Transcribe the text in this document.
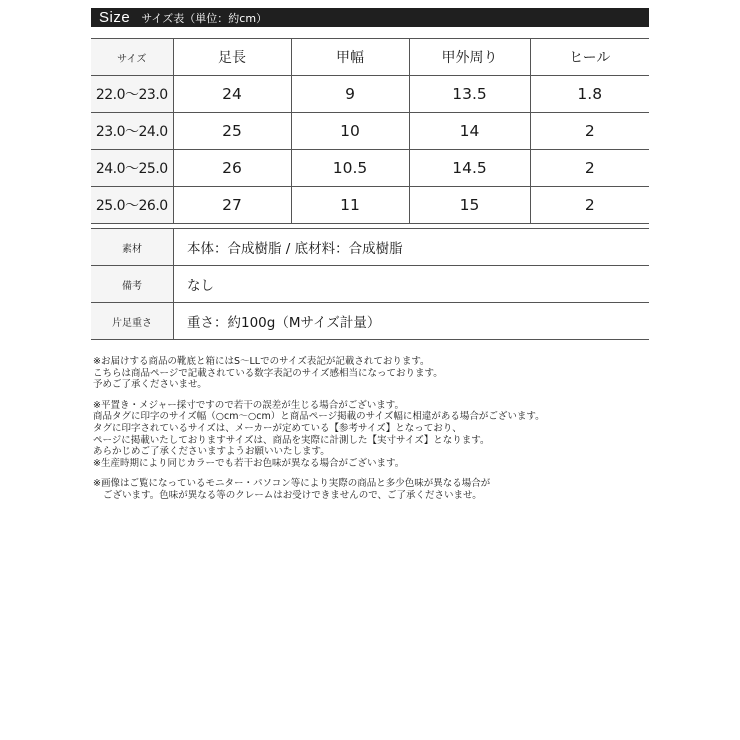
Size サイズ表（単位：約cm）
サイズ	足長	甲幅	甲外周り	ヒール
22.0〜23.0	24	9	13.5	1.8
23.0〜24.0	25	10	14	2
24.0〜25.0	26	10.5	14.5	2
25.0〜26.0	27	11	15	2
素材	本体：合成樹脂 / 底材料：合成樹脂
備考	なし
片足重さ	重さ：約100g（Mサイズ計量）
※お届けする商品の靴底と箱にはS〜LLでのサイズ表記が記載されております。
こちらは商品ページで記載されている数字表記のサイズ感相当になっております。
予めご了承くださいませ。
※平置き・メジャー採寸ですので若干の誤差が生じる場合がございます。
商品タグに印字のサイズ幅（○cm〜○cm）と商品ページ掲載のサイズ幅に相違がある場合がございます。
タグに印字されているサイズは、メーカーが定めている【参考サイズ】となっており、
ページに掲載いたしておりますサイズは、商品を実際に計測した【実寸サイズ】となります。
あらかじめご了承くださいますようお願いいたします。
※生産時期により同じカラーでも若干お色味が異なる場合がございます。
※画像はご覧になっているモニター・パソコン等により実際の商品と多少色味が異なる場合が
ございます。色味が異なる等のクレームはお受けできませんので、ご了承くださいませ。
